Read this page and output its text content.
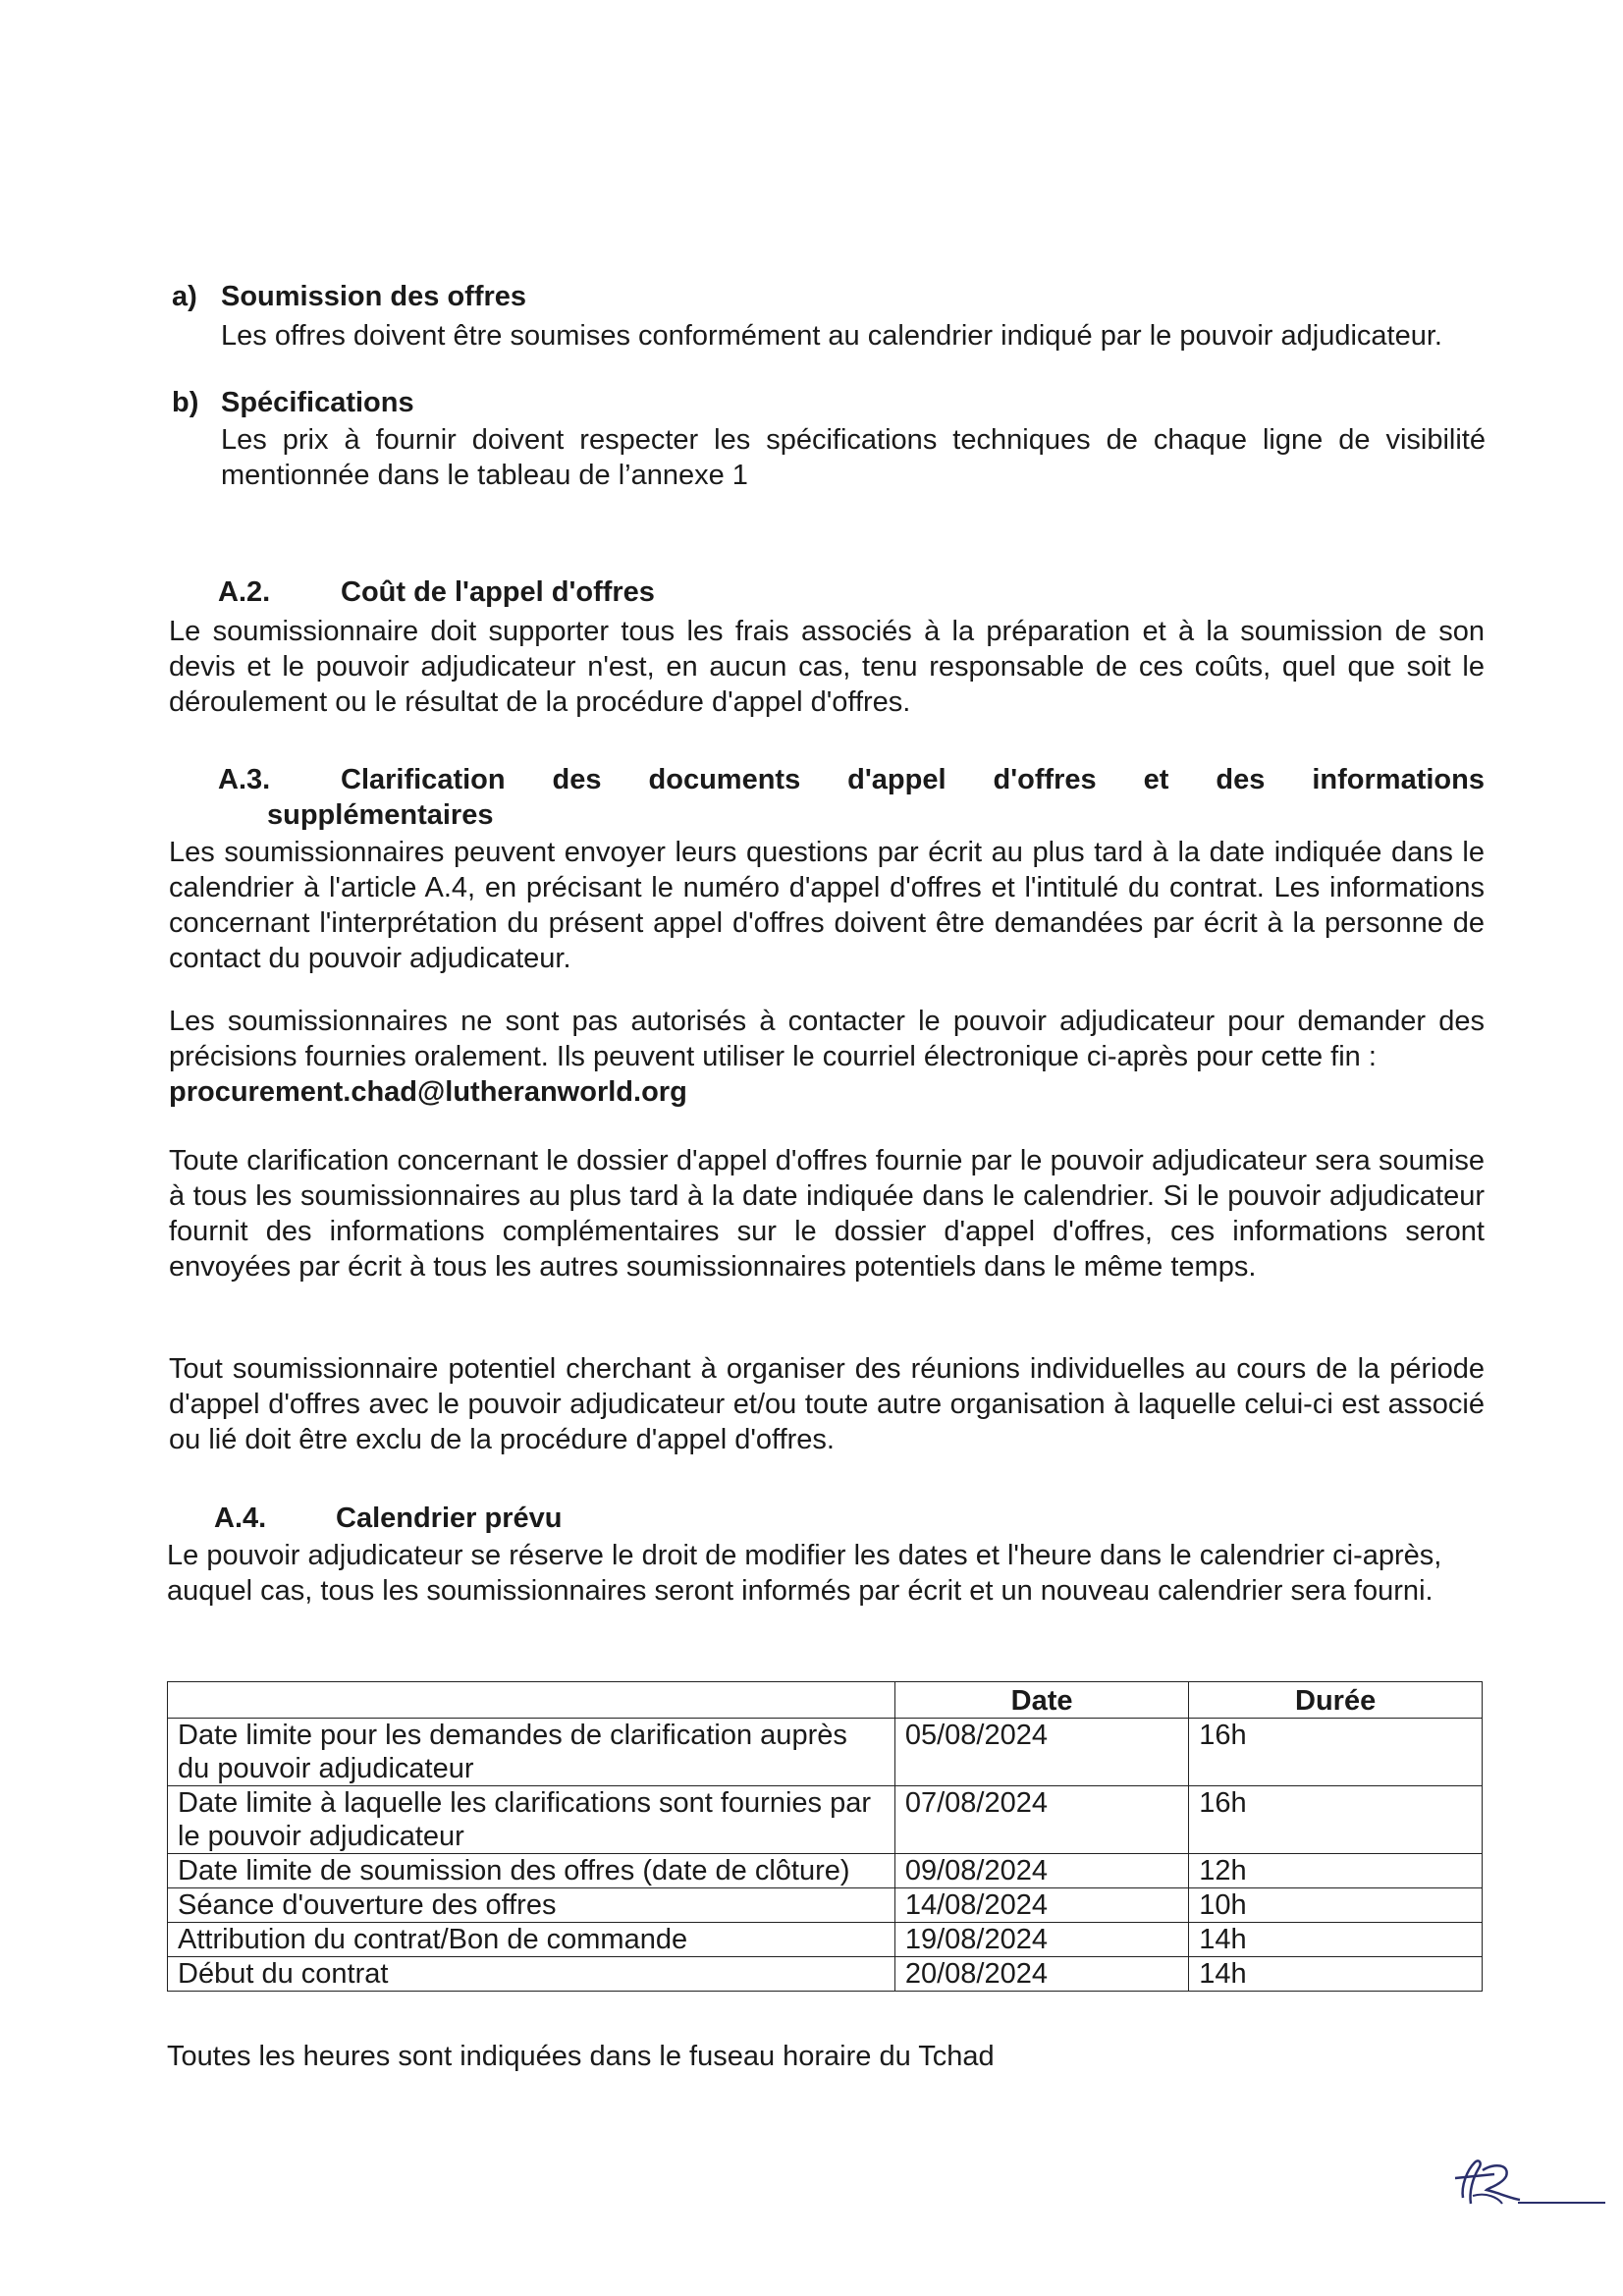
a) Soumission des offres
Les offres doivent être soumises conformément au calendrier indiqué par le pouvoir adjudicateur.
b) Spécifications
Les prix à fournir doivent respecter les spécifications techniques de chaque ligne de visibilité mentionnée dans le tableau de l’annexe 1
A.2. Coût de l'appel d'offres
Le soumissionnaire doit supporter tous les frais associés à la préparation et à la soumission de son devis et le pouvoir adjudicateur n'est, en aucun cas, tenu responsable de ces coûts, quel que soit le déroulement ou le résultat de la procédure d'appel d'offres.
A.3. Clarification des documents d'appel d'offres et des informations
supplémentaires
Les soumissionnaires peuvent envoyer leurs questions par écrit au plus tard à la date indiquée dans le calendrier à l'article A.4, en précisant le numéro d'appel d'offres et l'intitulé du contrat. Les informations concernant l'interprétation du présent appel d'offres doivent être demandées par écrit à la personne de contact du pouvoir adjudicateur.
Les soumissionnaires ne sont pas autorisés à contacter le pouvoir adjudicateur pour demander des précisions fournies oralement. Ils peuvent utiliser le courriel électronique ci-après pour cette fin :
procurement.chad@lutheranworld.org
Toute clarification concernant le dossier d'appel d'offres fournie par le pouvoir adjudicateur sera soumise à tous les soumissionnaires au plus tard à la date indiquée dans le calendrier. Si le pouvoir adjudicateur fournit des informations complémentaires sur le dossier d'appel d'offres, ces informations seront envoyées par écrit à tous les autres soumissionnaires potentiels dans le même temps.
Tout soumissionnaire potentiel cherchant à organiser des réunions individuelles au cours de la période d'appel d'offres avec le pouvoir adjudicateur et/ou toute autre organisation à laquelle celui-ci est associé ou lié doit être exclu de la procédure d'appel d'offres.
A.4. Calendrier prévu
Le pouvoir adjudicateur se réserve le droit de modifier les dates et l'heure dans le calendrier ci-après, auquel cas, tous les soumissionnaires seront informés par écrit et un nouveau calendrier sera fourni.
	Date	Durée
Date limite pour les demandes de clarification auprès du pouvoir adjudicateur	05/08/2024	16h
Date limite à laquelle les clarifications sont fournies par le pouvoir adjudicateur	07/08/2024	16h
Date limite de soumission des offres (date de clôture)	09/08/2024	12h
Séance d'ouverture des offres	14/08/2024	10h
Attribution du contrat/Bon de commande	19/08/2024	14h
Début du contrat	20/08/2024	14h
Toutes les heures sont indiquées dans le fuseau horaire du Tchad
